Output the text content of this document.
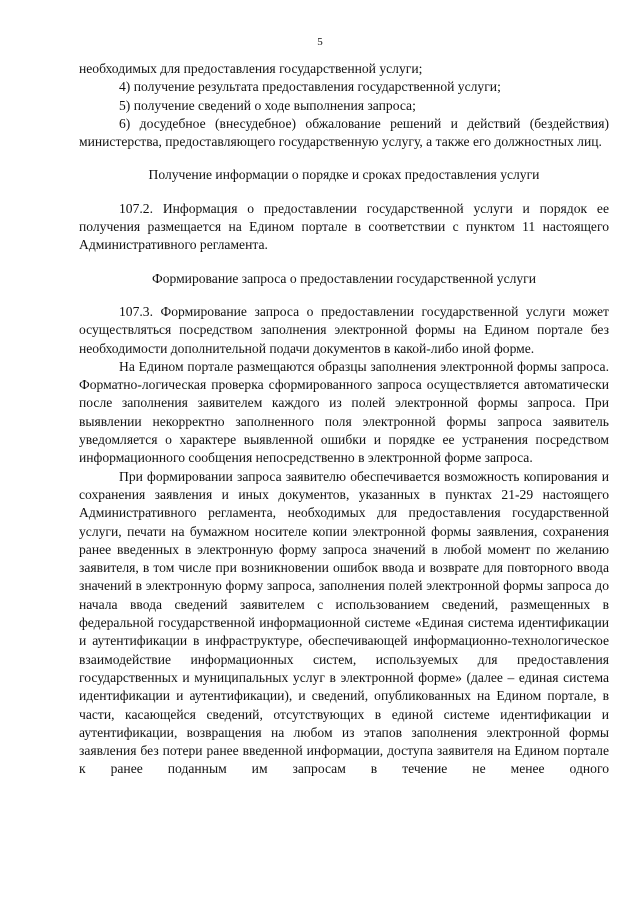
5

необходимых для предоставления государственной услуги;

4) получение результата предоставления государственной услуги;

5) получение сведений о ходе выполнения запроса;

6) досудебное (внесудебное) обжалование решений и действий (бездействия) министерства, предоставляющего государственную услугу, а также его должностных лиц.

Получение информации о порядке и сроках предоставления услуги

107.2. Информация о предоставлении государственной услуги и порядок ее получения размещается на Едином портале в соответствии с пунктом 11 настоящего Административного регламента.

Формирование запроса о предоставлении государственной услуги

107.3. Формирование запроса о предоставлении государственной услуги может осуществляться посредством заполнения электронной формы на Едином портале без необходимости дополнительной подачи документов в какой-либо иной форме.

На Едином портале размещаются образцы заполнения электронной формы запроса. Форматно-логическая проверка сформированного запроса осуществляется автоматически после заполнения заявителем каждого из полей электронной формы запроса. При выявлении некорректно заполненного поля электронной формы запроса заявитель уведомляется о характере выявленной ошибки и порядке ее устранения посредством информационного сообщения непосредственно в электронной форме запроса.

При формировании запроса заявителю обеспечивается возможность копирования и сохранения заявления и иных документов, указанных в пунктах 21-29 настоящего Административного регламента, необходимых для предоставления государственной услуги, печати на бумажном носителе копии электронной формы заявления, сохранения ранее введенных в электронную форму запроса значений в любой момент по желанию заявителя, в том числе при возникновении ошибок ввода и возврате для повторного ввода значений в электронную форму запроса, заполнения полей электронной формы запроса до начала ввода сведений заявителем с использованием сведений, размещенных в федеральной государственной информационной системе «Единая система идентификации и аутентификации в инфраструктуре, обеспечивающей информационно-технологическое взаимодействие информационных систем, используемых для предоставления государственных и муниципальных услуг в электронной форме» (далее – единая система идентификации и аутентификации), и сведений, опубликованных на Едином портале, в части, касающейся сведений, отсутствующих в единой системе идентификации и аутентификации, возвращения на любом из этапов заполнения электронной формы заявления без потери ранее введенной информации, доступа заявителя на Едином портале к ранее поданным им запросам в течение не менее одного
